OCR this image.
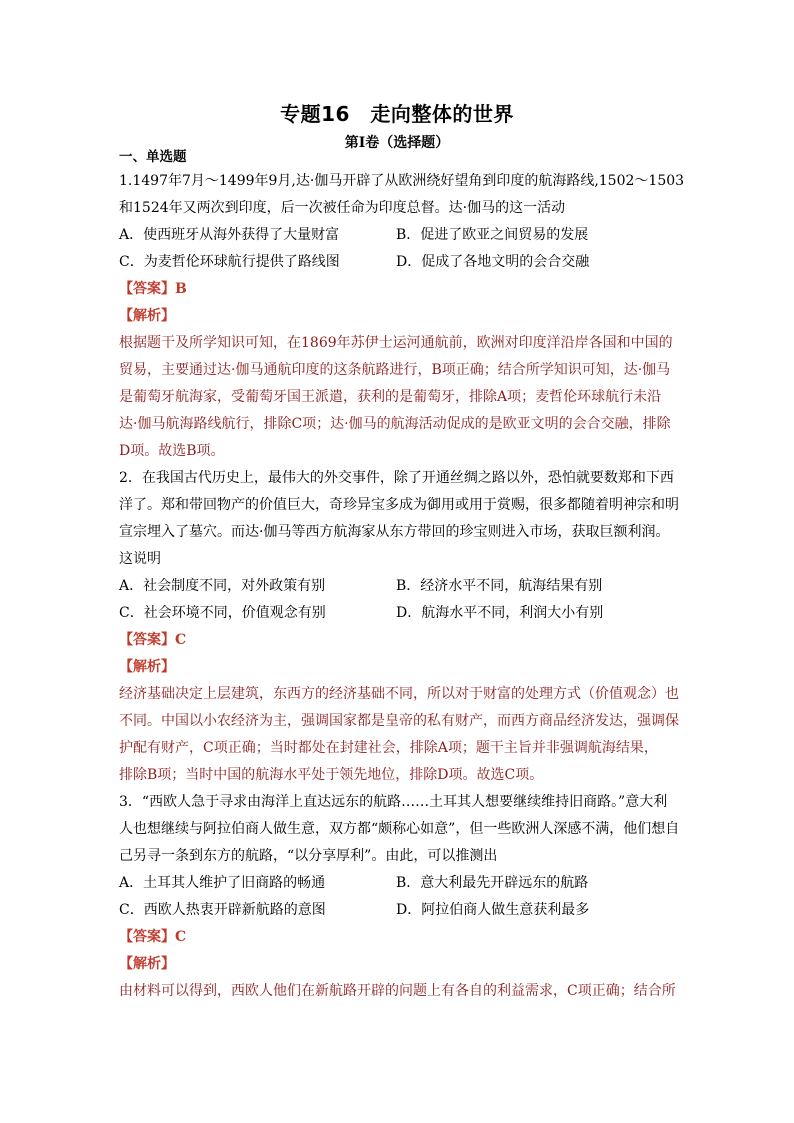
专题16　走向整体的世界
第Ⅰ卷（选择题）
一、单选题
1.1497年7月～1499年9月,达·伽马开辟了从欧洲绕好望角到印度的航海路线,1502～1503
和1524年又两次到印度，后一次被任命为印度总督。达·伽马的这一活动
A．使西班牙从海外获得了大量财富	B．促进了欧亚之间贸易的发展
C．为麦哲伦环球航行提供了路线图	D．促成了各地文明的会合交融
【答案】B
【解析】
根据题干及所学知识可知，在1869年苏伊士运河通航前，欧洲对印度洋沿岸各国和中国的
贸易，主要通过达·伽马通航印度的这条航路进行，B项正确；结合所学知识可知，达·伽马
是葡萄牙航海家，受葡萄牙国王派遣，获利的是葡萄牙，排除A项；麦哲伦环球航行未沿
达·伽马航海路线航行，排除C项；达·伽马的航海活动促成的是欧亚文明的会合交融，排除
D项。故选B项。
2．在我国古代历史上，最伟大的外交事件，除了开通丝绸之路以外，恐怕就要数郑和下西
洋了。郑和带回物产的价值巨大，奇珍异宝多成为御用或用于赏赐，很多都随着明神宗和明
宣宗埋入了墓穴。而达·伽马等西方航海家从东方带回的珍宝则进入市场，获取巨额利润。
这说明
A．社会制度不同，对外政策有别	B．经济水平不同，航海结果有别
C．社会环境不同，价值观念有别	D．航海水平不同，利润大小有别
【答案】C
【解析】
经济基础决定上层建筑，东西方的经济基础不同，所以对于财富的处理方式（价值观念）也
不同。中国以小农经济为主，强调国家都是皇帝的私有财产，而西方商品经济发达，强调保
护配有财产，C项正确；当时都处在封建社会，排除A项；题干主旨并非强调航海结果，
排除B项；当时中国的航海水平处于领先地位，排除D项。故选C项。
3．“西欧人急于寻求由海洋上直达远东的航路……土耳其人想要继续维持旧商路。”意大利
人也想继续与阿拉伯商人做生意，双方都“颇称心如意”，但一些欧洲人深感不满，他们想自
己另寻一条到东方的航路，“以分享厚利”。由此，可以推测出
A．土耳其人维护了旧商路的畅通	B．意大利最先开辟远东的航路
C．西欧人热衷开辟新航路的意图	D．阿拉伯商人做生意获利最多
【答案】C
【解析】
由材料可以得到，西欧人他们在新航路开辟的问题上有各自的利益需求，C项正确；结合所
